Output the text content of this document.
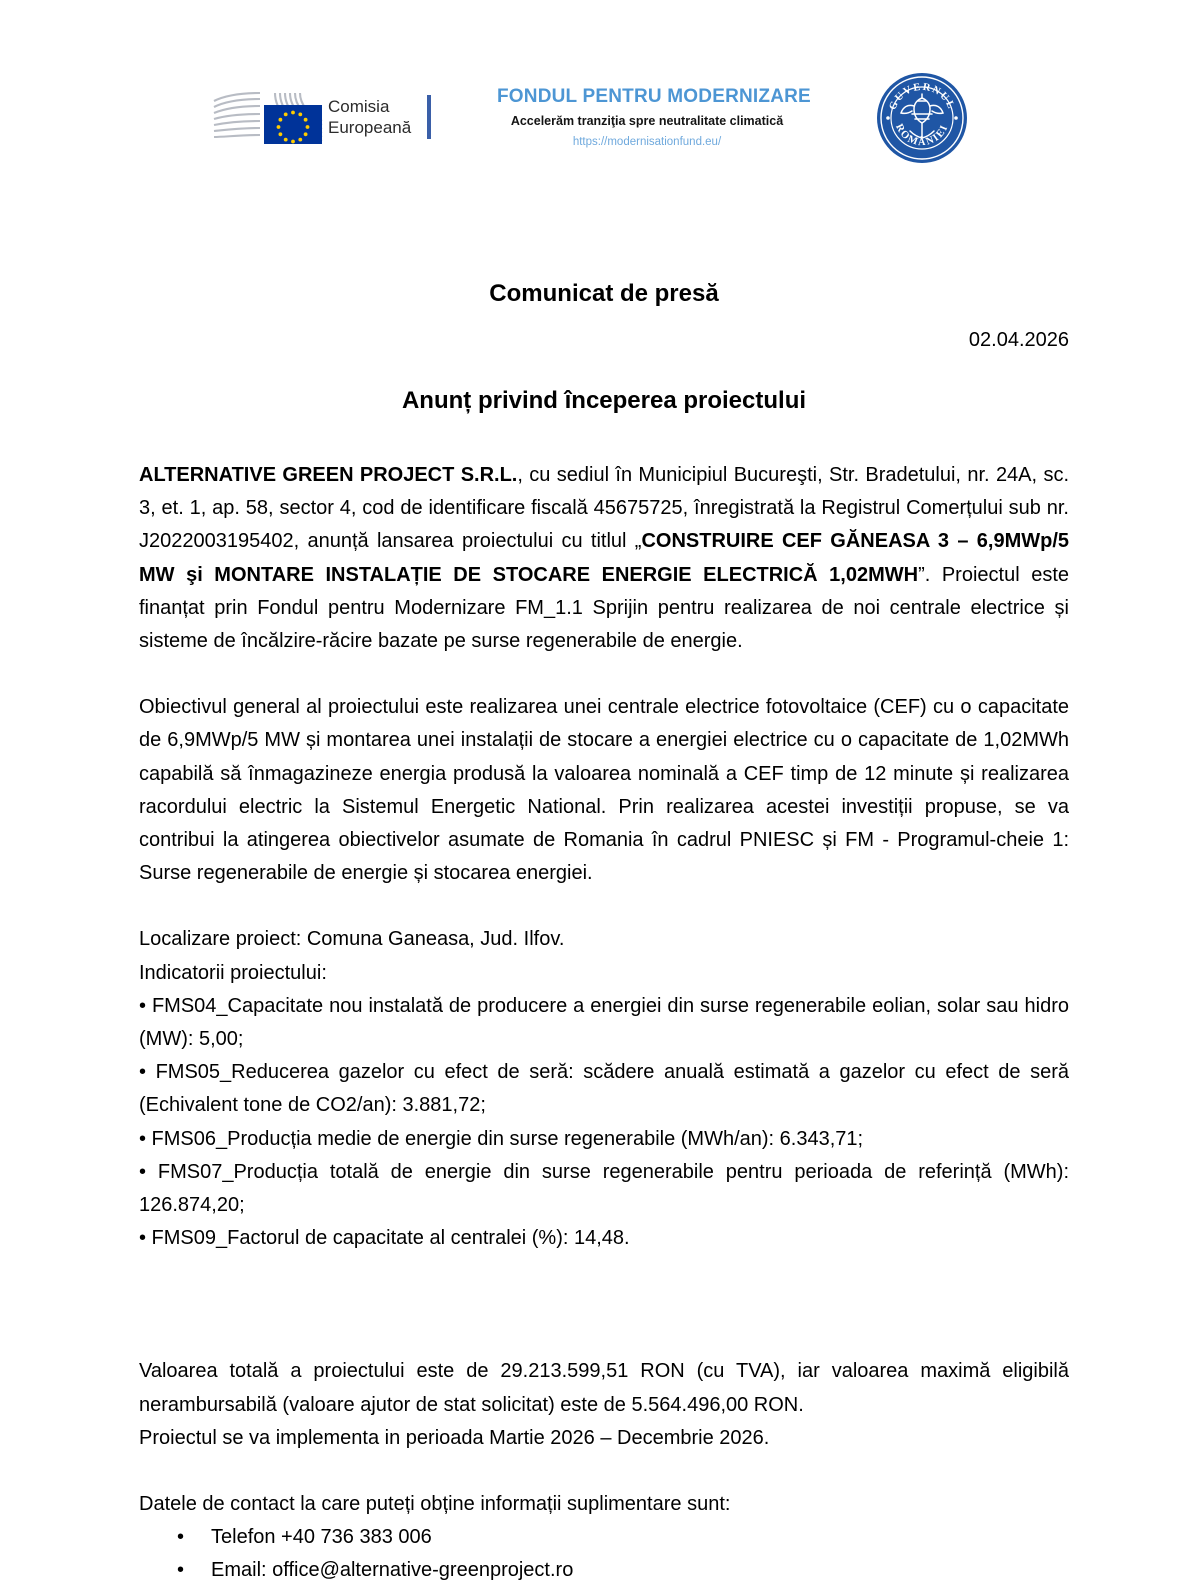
Comisia
Europeană
FONDUL PENTRU MODERNIZARE
Accelerăm tranziţia spre neutralitate climatică
https://modernisationfund.eu/
GUVERNUL
ROMÂNIEI
Comunicat de presă
02.04.2026
Anunț privind începerea proiectului

ALTERNATIVE GREEN PROJECT S.R.L., cu sediul în Municipiul Bucureşti, Str. Bradetului, nr. 24A, sc. 3, et. 1, ap. 58, sector 4, cod de identificare fiscală 45675725, înregistrată la Registrul Comerțului sub nr. J2022003195402, anunță lansarea proiectului cu titlul „CONSTRUIRE CEF GĂNEASA 3 – 6,9MWp/5 MW şi MONTARE INSTALAȚIE DE STOCARE ENERGIE ELECTRICĂ 1,02MWH”. Proiectul este finanțat prin Fondul pentru Modernizare FM_1.1 Sprijin pentru realizarea de noi centrale electrice și sisteme de încălzire-răcire bazate pe surse regenerabile de energie.

Obiectivul general al proiectului este realizarea unei centrale electrice fotovoltaice (CEF) cu o capacitate de 6,9MWp/5 MW și montarea unei instalații de stocare a energiei electrice cu o capacitate de 1,02MWh capabilă să înmagazineze energia produsă la valoarea nominală a CEF timp de 12 minute și realizarea racordului electric la Sistemul Energetic National. Prin realizarea acestei investiții propuse, se va contribui la atingerea obiectivelor asumate de Romania în cadrul PNIESC și FM - Programul-cheie 1: Surse regenerabile de energie și stocarea energiei.

Localizare proiect: Comuna Ganeasa, Jud. Ilfov.

Indicatorii proiectului:

• FMS04_Capacitate nou instalată de producere a energiei din surse regenerabile eolian, solar sau hidro (MW): 5,00;

• FMS05_Reducerea gazelor cu efect de seră: scădere anuală estimată a gazelor cu efect de seră (Echivalent tone de CO2/an): 3.881,72;

• FMS06_Producția medie de energie din surse regenerabile (MWh/an): 6.343,71;

• FMS07_Producția totală de energie din surse regenerabile pentru perioada de referință (MWh): 126.874,20;

• FMS09_Factorul de capacitate al centralei (%): 14,48.

Valoarea totală a proiectului este de 29.213.599,51 RON (cu TVA), iar valoarea maximă eligibilă nerambursabilă (valoare ajutor de stat solicitat) este de 5.564.496,00 RON.

Proiectul se va implementa in perioada Martie 2026 – Decembrie 2026.

Datele de contact la care puteți obține informații suplimentare sunt:

• Telefon +40 736 383 006
• Email: office@alternative-greenproject.ro
